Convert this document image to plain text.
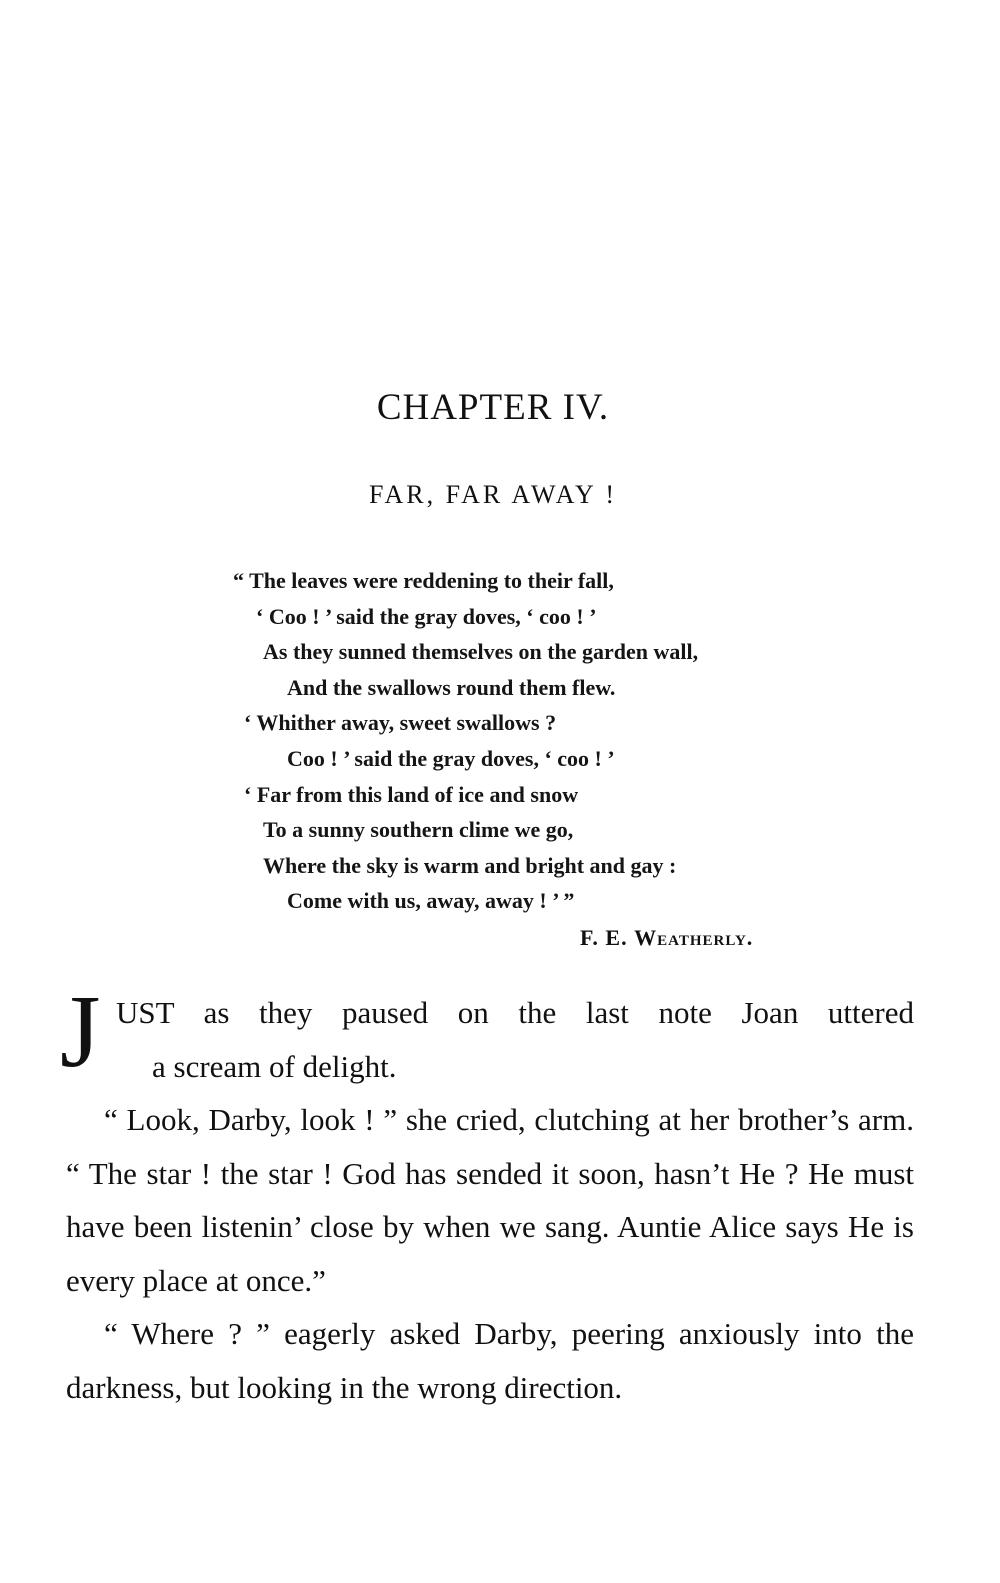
CHAPTER IV.
FAR, FAR AWAY !
“ The leaves were reddening to their fall,
‘ Coo ! ’ said the gray doves, ‘ coo ! ’
As they sunned themselves on the garden wall,
And the swallows round them flew.
‘ Whither away, sweet swallows ?
Coo ! ’ said the gray doves, ‘ coo ! ’
‘ Far from this land of ice and snow
To a sunny southern clime we go,
Where the sky is warm and bright and gay :
Come with us, away, away ! ’ ”
F. E. Weatherly.
J UST as they paused on the last note Joan uttered
a scream of delight.

“ Look, Darby, look ! ” she cried, clutching at her brother’s arm. “ The star ! the star ! God has sended it soon, hasn’t He ? He must have been listenin’ close by when we sang. Auntie Alice says He is every place at once.”

“ Where ? ” eagerly asked Darby, peering anxiously into the darkness, but looking in the wrong direction.
